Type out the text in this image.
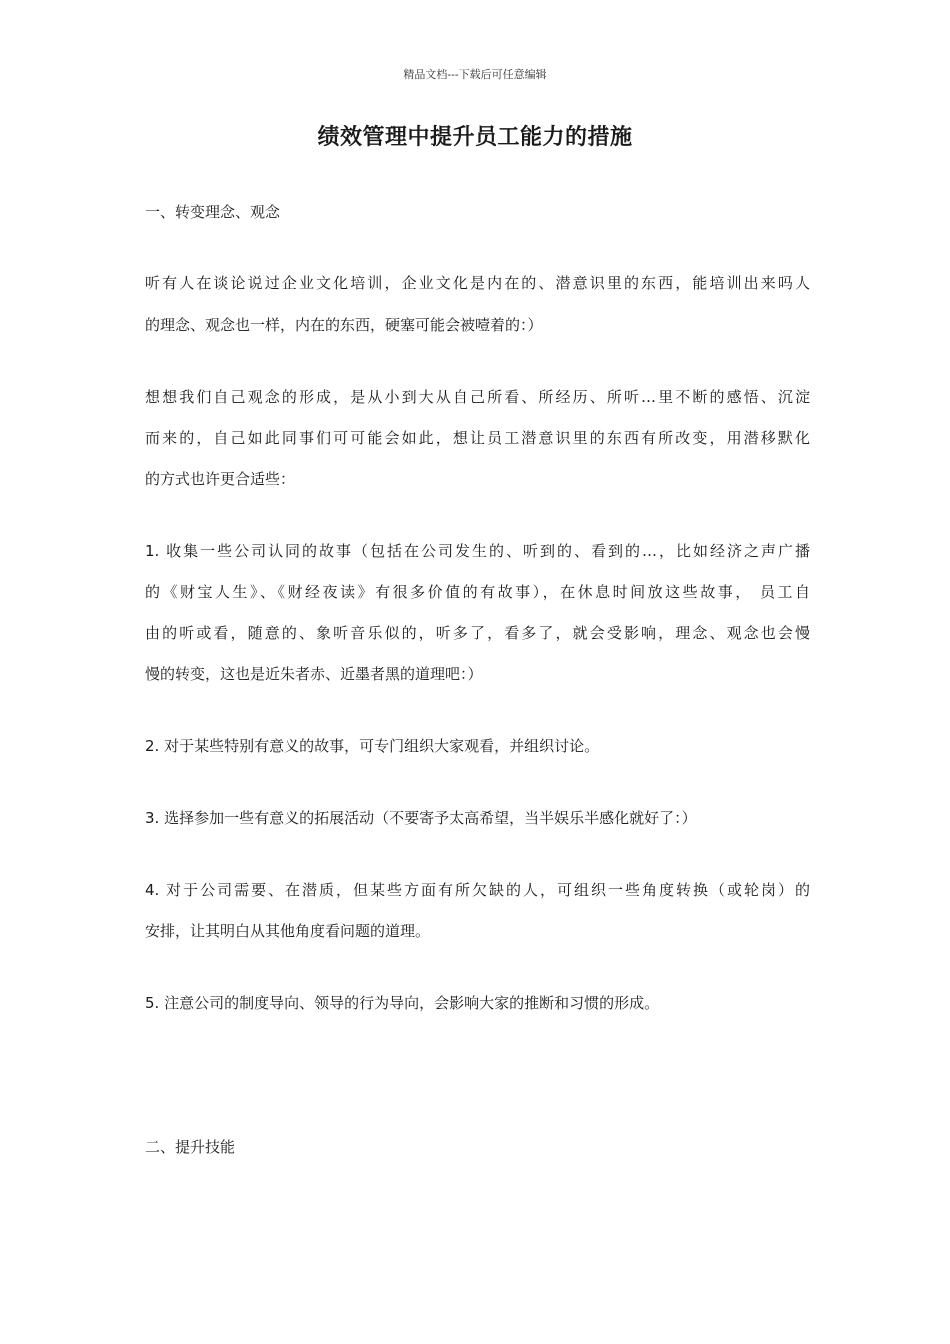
精品文档---下载后可任意编辑
绩效管理中提升员工能力的措施
一、转变理念、观念
听有人在谈论说过企业文化培训，企业文化是内在的、潜意识里的东西，能培训出来吗人
的理念、观念也一样，内在的东西，硬塞可能会被噎着的：）
想想我们自己观念的形成，是从小到大从自己所看、所经历、所听…里不断的感悟、沉淀
而来的，自己如此同事们可可能会如此，想让员工潜意识里的东西有所改变，用潜移默化
的方式也许更合适些：
1. 收集一些公司认同的故事（包括在公司发生的、听到的、看到的…，比如经济之声广播
的《财宝人生》、《财经夜读》有很多价值的有故事），在休息时间放这些故事， 员工自
由的听或看，随意的、象听音乐似的，听多了，看多了，就会受影响，理念、观念也会慢
慢的转变，这也是近朱者赤、近墨者黑的道理吧：）
2. 对于某些特别有意义的故事，可专门组织大家观看，并组织讨论。
3. 选择参加一些有意义的拓展活动（不要寄予太高希望，当半娱乐半感化就好了：）
4. 对于公司需要、在潜质，但某些方面有所欠缺的人，可组织一些角度转换（或轮岗）的
安排，让其明白从其他角度看问题的道理。
5. 注意公司的制度导向、领导的行为导向，会影响大家的推断和习惯的形成。
二、提升技能
